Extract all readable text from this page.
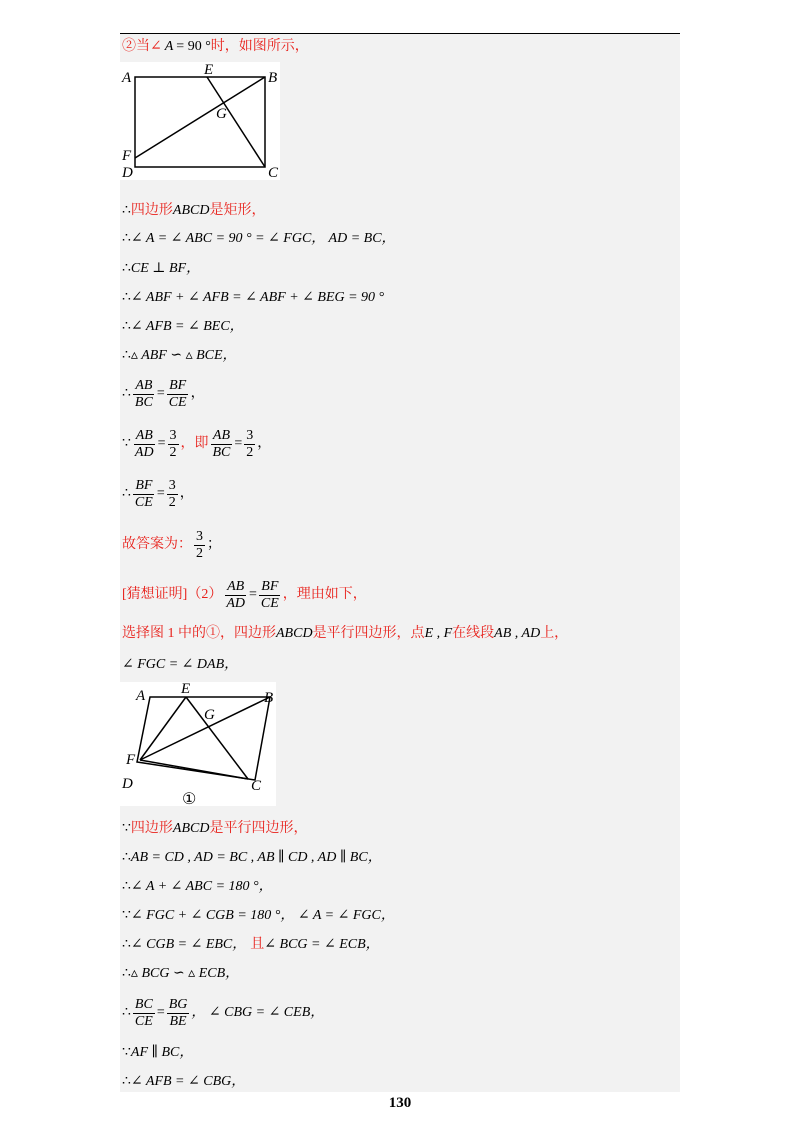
②当∠ A = 90 ° 时，如图所示，
A	E	B
G
F
D	C
∴ 四边形 ABCD 是矩形，
∴ ∠ A = ∠ ABC = 90 ° = ∠ FGC， AD = BC，
∴ CE ⊥ BF，
∴ ∠ ABF + ∠ AFB = ∠ ABF + ∠ BEG = 90 °
∴ ∠ AFB = ∠ BEC，
∴ ▵ ABF ∽ ▵ BCE，
∴ $\frac{AB}{BC} = \frac{BF}{CE}$ ，
∵ $\frac{AB}{AD} = \frac{3}{2}$ ，即 $\frac{AB}{BC} = \frac{3}{2}$ ，
∴ $\frac{BF}{CE} = \frac{3}{2}$ ，
故答案为： $\frac{3}{2}$ ；
[猜想证明]$(2) \frac{AB}{AD} = \frac{BF}{CE}$ ，理由如下，
选择图 1 中的①，四边形 ABCD 是平行四边形，点 E , F 在线段 AB , AD 上，
∠ FGC = ∠ DAB，
A E
B
G
F
D	C
①
∵ 四边形 ABCD 是平行四边形，
∴ AB = CD , AD = BC , AB ∥ CD , AD ∥ BC，
∴ ∠ A + ∠ ABC = 180 °，
∵ ∠ FGC + ∠ CGB = 180 °， ∠ A = ∠ FGC，
∴ ∠ CGB = ∠ EBC， 且 ∠ BCG = ∠ ECB，
∴ ▵ BCG ∽ ▵ ECB，
∴ $\frac{BC}{CE} = \frac{BG}{BE}$ ， ∠ CBG = ∠ CEB，
∵ AF ∥ BC，
∴ ∠ AFB = ∠ CBG，
130
